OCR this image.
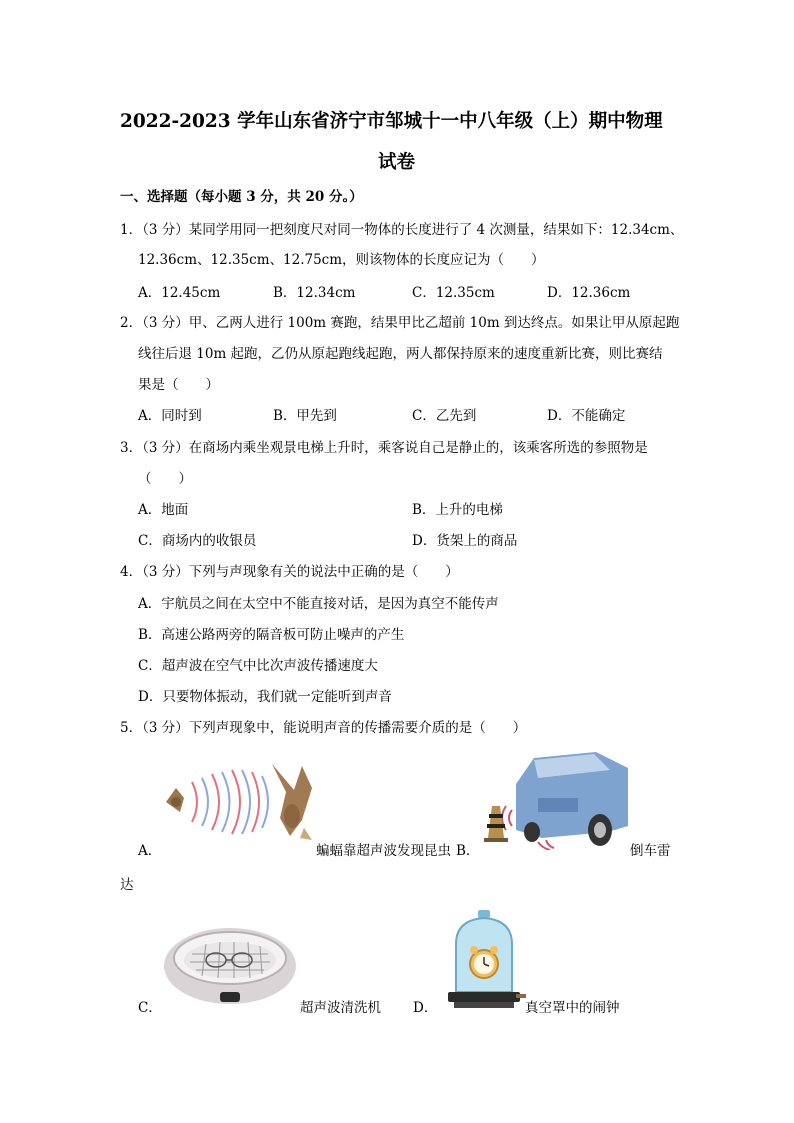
2022-2023 学年山东省济宁市邹城十一中八年级（上）期中物理
试卷
一、选择题（每小题 3 分，共 20 分。）
1．（3 分）某同学用同一把刻度尺对同一物体的长度进行了 4 次测量，结果如下：12.34cm、
12.36cm、12.35cm、12.75cm，则该物体的长度应记为（　　）
A．12.45cm	B．12.34cm	C．12.35cm	D．12.36cm
2．（3 分）甲、乙两人进行 100m 赛跑，结果甲比乙超前 10m 到达终点。如果让甲从原起跑
线往后退 10m 起跑，乙仍从原起跑线起跑，两人都保持原来的速度重新比赛，则比赛结
果是（　　）
A．同时到	B．甲先到	C．乙先到	D．不能确定
3．（3 分）在商场内乘坐观景电梯上升时，乘客说自己是静止的，该乘客所选的参照物是
（　　）
A．地面	B．上升的电梯
C．商场内的收银员	D．货架上的商品
4．（3 分）下列与声现象有关的说法中正确的是（　　）
A．宇航员之间在太空中不能直接对话，是因为真空不能传声
B．高速公路两旁的隔音板可防止噪声的产生
C．超声波在空气中比次声波传播速度大
D．只要物体振动，我们就一定能听到声音
5．（3 分）下列声现象中，能说明声音的传播需要介质的是（　　）
A．	蝙蝠靠超声波发现昆虫 B．	倒车雷
达
C．	超声波清洗机 D．	真空罩中的闹钟
